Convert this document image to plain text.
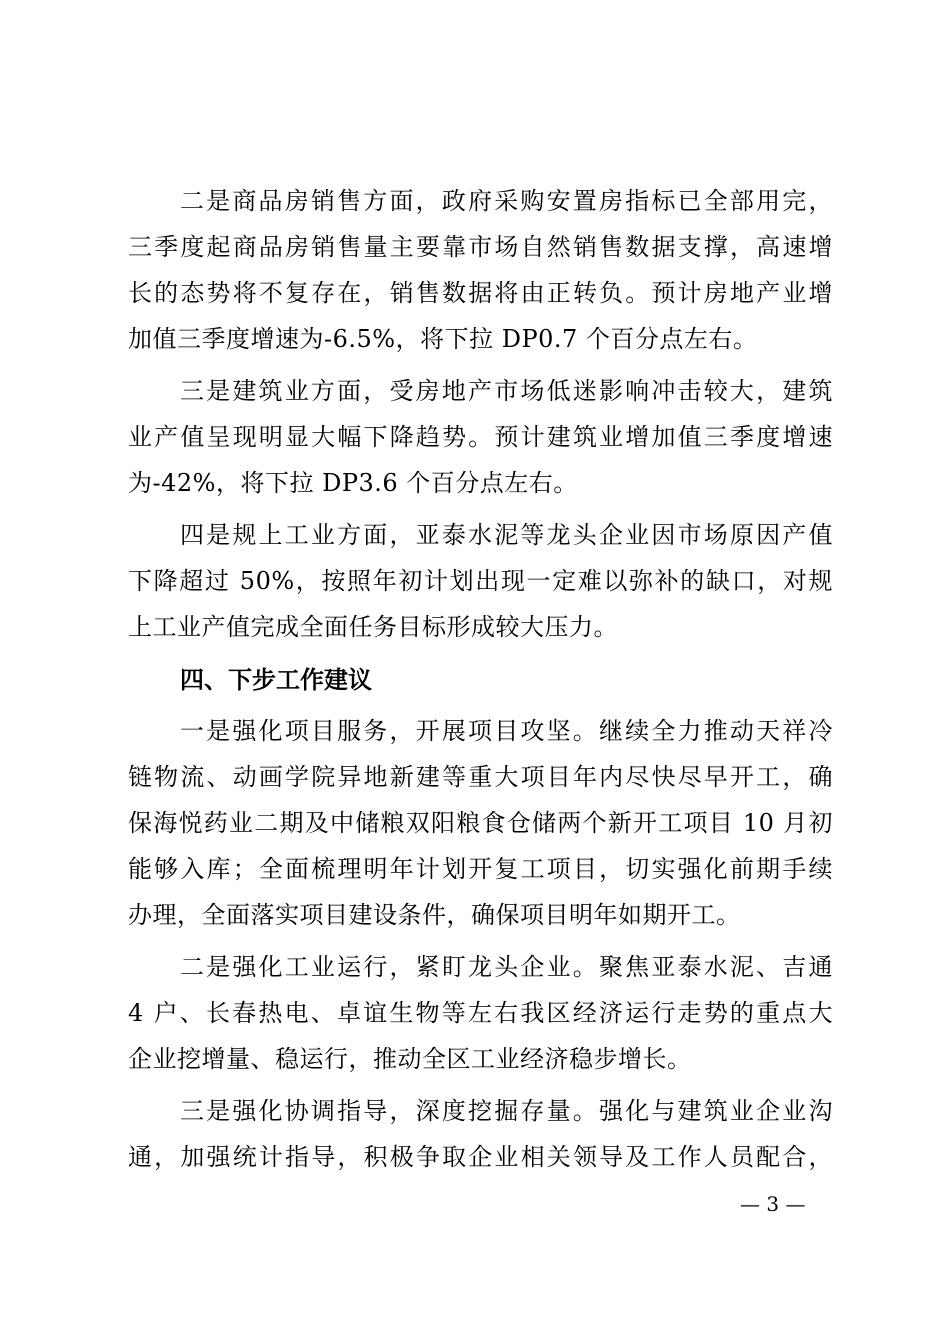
二是商品房销售方面，政府采购安置房指标已全部用完，
三季度起商品房销售量主要靠市场自然销售数据支撑，高速增
长的态势将不复存在，销售数据将由正转负。预计房地产业增
加值三季度增速为-6.5%，将下拉 DP0.7 个百分点左右。
三是建筑业方面，受房地产市场低迷影响冲击较大，建筑
业产值呈现明显大幅下降趋势。预计建筑业增加值三季度增速
为-42%，将下拉 DP3.6 个百分点左右。
四是规上工业方面，亚泰水泥等龙头企业因市场原因产值
下降超过 50%，按照年初计划出现一定难以弥补的缺口，对规
上工业产值完成全面任务目标形成较大压力。
四、下步工作建议
一是强化项目服务，开展项目攻坚。继续全力推动天祥冷
链物流、动画学院异地新建等重大项目年内尽快尽早开工，确
保海悦药业二期及中储粮双阳粮食仓储两个新开工项目 10 月初
能够入库；全面梳理明年计划开复工项目，切实强化前期手续
办理，全面落实项目建设条件，确保项目明年如期开工。
二是强化工业运行，紧盯龙头企业。聚焦亚泰水泥、吉通
4 户、长春热电、卓谊生物等左右我区经济运行走势的重点大
企业挖增量、稳运行，推动全区工业经济稳步增长。
三是强化协调指导，深度挖掘存量。强化与建筑业企业沟
通，加强统计指导，积极争取企业相关领导及工作人员配合，
— 3 —
